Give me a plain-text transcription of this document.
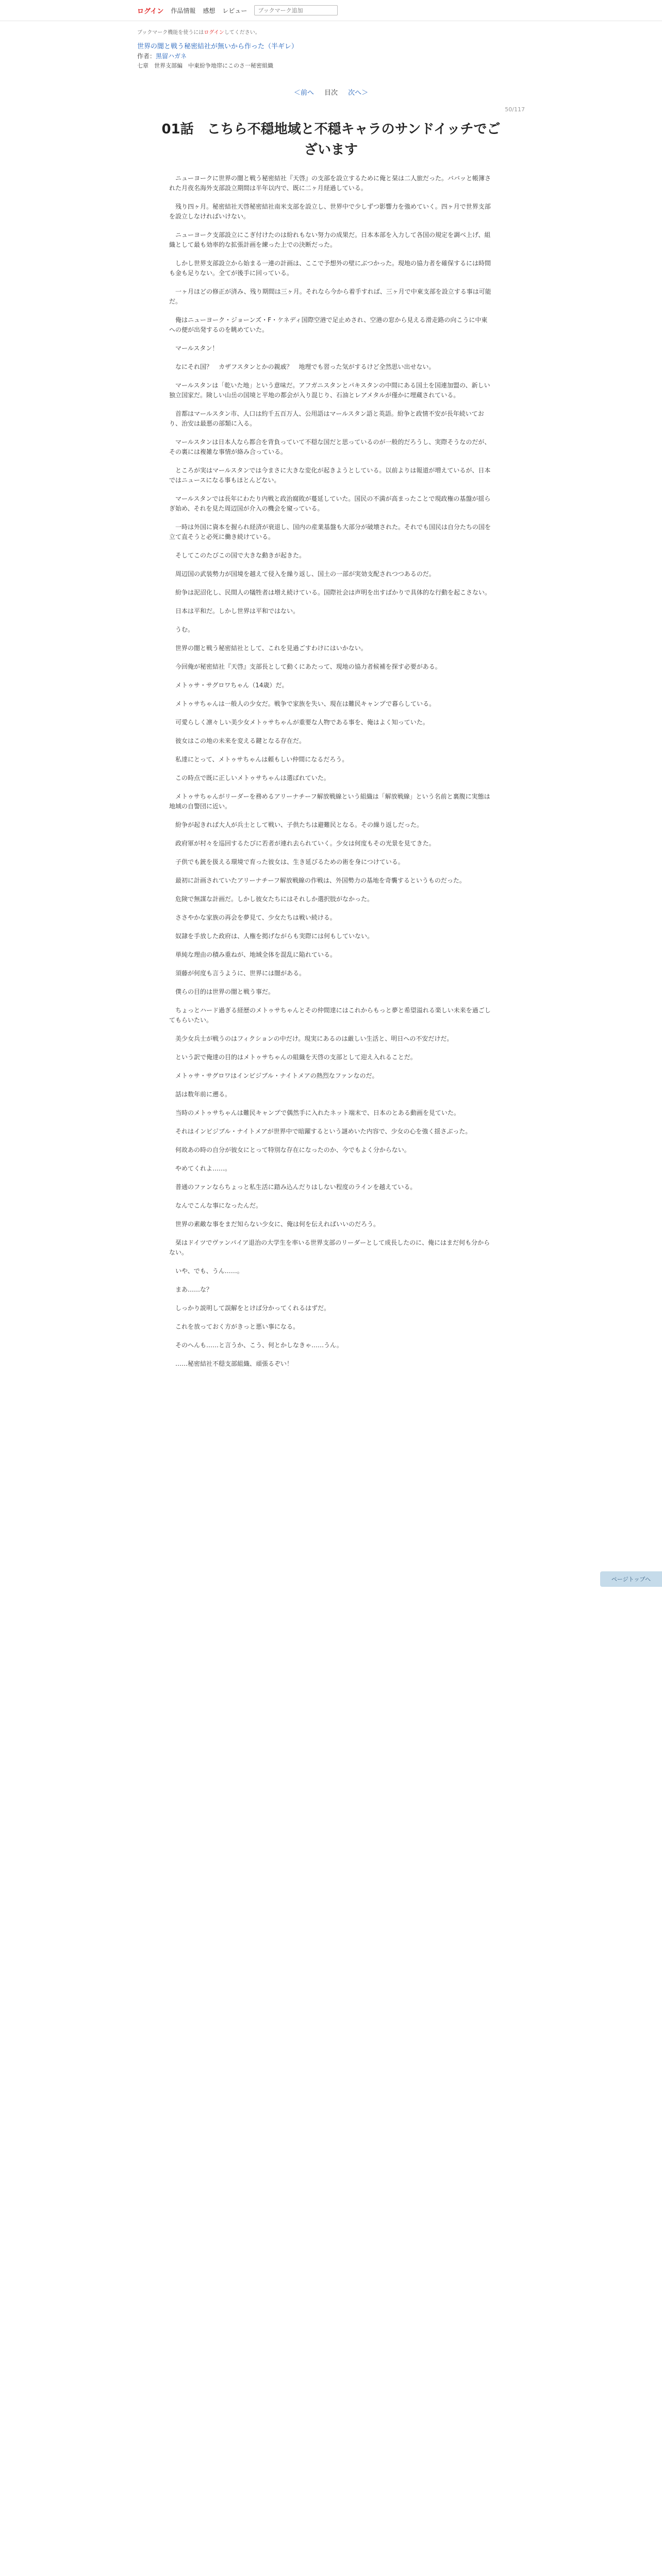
ログイン 作品情報 感想 レビュー
ブックマーク追加
ブックマーク機能を使うにはログインしてください。
世界の闇と戦う秘密結社が無いから作った（半ギレ）
作者：黒留ハガネ
七章　世界支部編　中東紛争地帯にこのさ一秘密組織
＜前へ 目次 次へ＞
50/117
01話　こちら不穏地域と不穏キャラのサンドイッチでございます

ニューヨークに世界の闇と戦う秘密結社『天啓』の支部を設立するために俺と栞は二人旅だった。ババッと帳簿された月夜名海外支部設立期間は半年以内で、既に二ヶ月経過している。

残り四ヶ月。秘密結社天啓秘密結社南米支部を設立し、世界中で少しずつ影響力を強めていく。四ヶ月で世界支部を設立しなければいけない。

ニューヨーク支部設立にこぎ付けたのは紛れもない努力の成果だ。日本本部を入力して各国の規定を調べ上げ、組織として最も効率的な拡張計画を練った上での決断だった。

しかし世界支部設立から始まる一連の計画は、ここで予想外の壁にぶつかった。現地の協力者を確保するには時間も金も足りない。全てが後手に回っている。

一ヶ月ほどの修正が済み、残り期間は三ヶ月。それなら今から着手すれば、三ヶ月で中東支部を設立する事は可能だ。

俺はニューヨーク・ジョーンズ・F・ケネディ国際空港で足止めされ、空港の窓から見える滑走路の向こうに中東への便が出発するのを眺めていた。

マールスタン！

なにそれ国？　カザフスタンとかの親戚？　地理でも習った気がするけど全然思い出せない。

マールスタンは「乾いた地」という意味だ。アフガニスタンとパキスタンの中間にある国土を国連加盟の、新しい独立国家だ。険しい山岳の国境と平地の都会が入り混じり、石油とレアメタルが僅かに埋蔵されている。

首都はマールスタン市、人口は約千五百万人、公用語はマールスタン語と英語。紛争と政情不安が長年続いており、治安は最悪の部類に入る。

マールスタンは日本人なら都合を背負っていて不穏な国だと思っているのが一般的だろうし、実際そうなのだが、その裏には複雑な事情が絡み合っている。

ところが実はマールスタンでは今まさに大きな変化が起きようとしている。以前よりは報道が増えているが、日本ではニュースになる事もほとんどない。

マールスタンでは長年にわたり内戦と政治腐敗が蔓延していた。国民の不満が高まったことで現政権の基盤が揺らぎ始め、それを見た周辺国が介入の機会を窺っている。

一時は外国に資本を握られ経済が衰退し、国内の産業基盤も大部分が破壊された。それでも国民は自分たちの国を立て直そうと必死に働き続けている。

そしてこのたびこの国で大きな動きが起きた。

周辺国の武装勢力が国境を越えて侵入を繰り返し、国土の一部が実効支配されつつあるのだ。

紛争は泥沼化し、民間人の犠牲者は増え続けている。国際社会は声明を出すばかりで具体的な行動を起こさない。

日本は平和だ。しかし世界は平和ではない。

うむ。

世界の闇と戦う秘密結社として、これを見過ごすわけにはいかない。

今回俺が秘密結社『天啓』支部長として動くにあたって、現地の協力者候補を探す必要がある。

メトゥサ・サグロワちゃん（14歳）だ。

メトゥサちゃんは一般人の少女だ。戦争で家族を失い、現在は難民キャンプで暮らしている。

可愛らしく凛々しい美少女メトゥサちゃんが重要な人物である事を、俺はよく知っていた。

彼女はこの地の未来を変える鍵となる存在だ。

私達にとって、メトゥサちゃんは頼もしい仲間になるだろう。

この時点で既に正しいメトゥサちゃんは選ばれていた。

メトゥサちゃんがリーダーを務めるアリーナチーフ解放戦線という組織は「解放戦線」という名前と裏腹に実態は地域の自警団に近い。

紛争が起きれば大人が兵士として戦い、子供たちは避難民となる。その繰り返しだった。

政府軍が村々を巡回するたびに若者が連れ去られていく。少女は何度もその光景を見てきた。

子供でも銃を扱える環境で育った彼女は、生き延びるための術を身につけている。

最初に計画されていたアリーナチーフ解放戦線の作戦は、外国勢力の基地を奇襲するというものだった。

危険で無謀な計画だ。しかし彼女たちにはそれしか選択肢がなかった。

ささやかな家族の再会を夢見て、少女たちは戦い続ける。

奴隷を手放した政府は、人権を掲げながらも実際には何もしていない。

単純な理由の積み重ねが、地域全体を混乱に陥れている。

須藤が何度も言うように、世界には闇がある。

僕らの目的は世界の闇と戦う事だ。

ちょっとハード過ぎる経歴のメトゥサちゃんとその仲間達にはこれからもっと夢と希望溢れる楽しい未来を過ごしてもらいたい。

美少女兵士が戦うのはフィクションの中だけ。現実にあるのは厳しい生活と、明日への不安だけだ。

という訳で俺達の目的はメトゥサちゃんの組織を天啓の支部として迎え入れることだ。

メトゥサ・サグロワはインビジブル・ナイトメアの熱烈なファンなのだ。

話は数年前に遡る。

当時のメトゥサちゃんは難民キャンプで偶然手に入れたネット端末で、日本のとある動画を見ていた。

それはインビジブル・ナイトメアが世界中で暗躍するという謎めいた内容で、少女の心を強く揺さぶった。

何故あの時の自分が彼女にとって特別な存在になったのか、今でもよく分からない。

やめてくれよ……。

普通のファンならちょっと私生活に踏み込んだりはしない程度のラインを越えている。

なんでこんな事になったんだ。

世界の素敵な事をまだ知らない少女に、俺は何を伝えればいいのだろう。

栞はドイツでヴァンパイア退治の大学生を率いる世界支部のリーダーとして成長したのに、俺にはまだ何も分からない。

いや、でも、うん……。

まあ……な？

しっかり説明して誤解をとけば分かってくれるはずだ。

これを放っておく方がきっと悪い事になる。

そのへんも……と言うか、こう、何とかしなきゃ……うん。

……秘密結社不穏支部組織、頑張るぞい！

ページトップへ
